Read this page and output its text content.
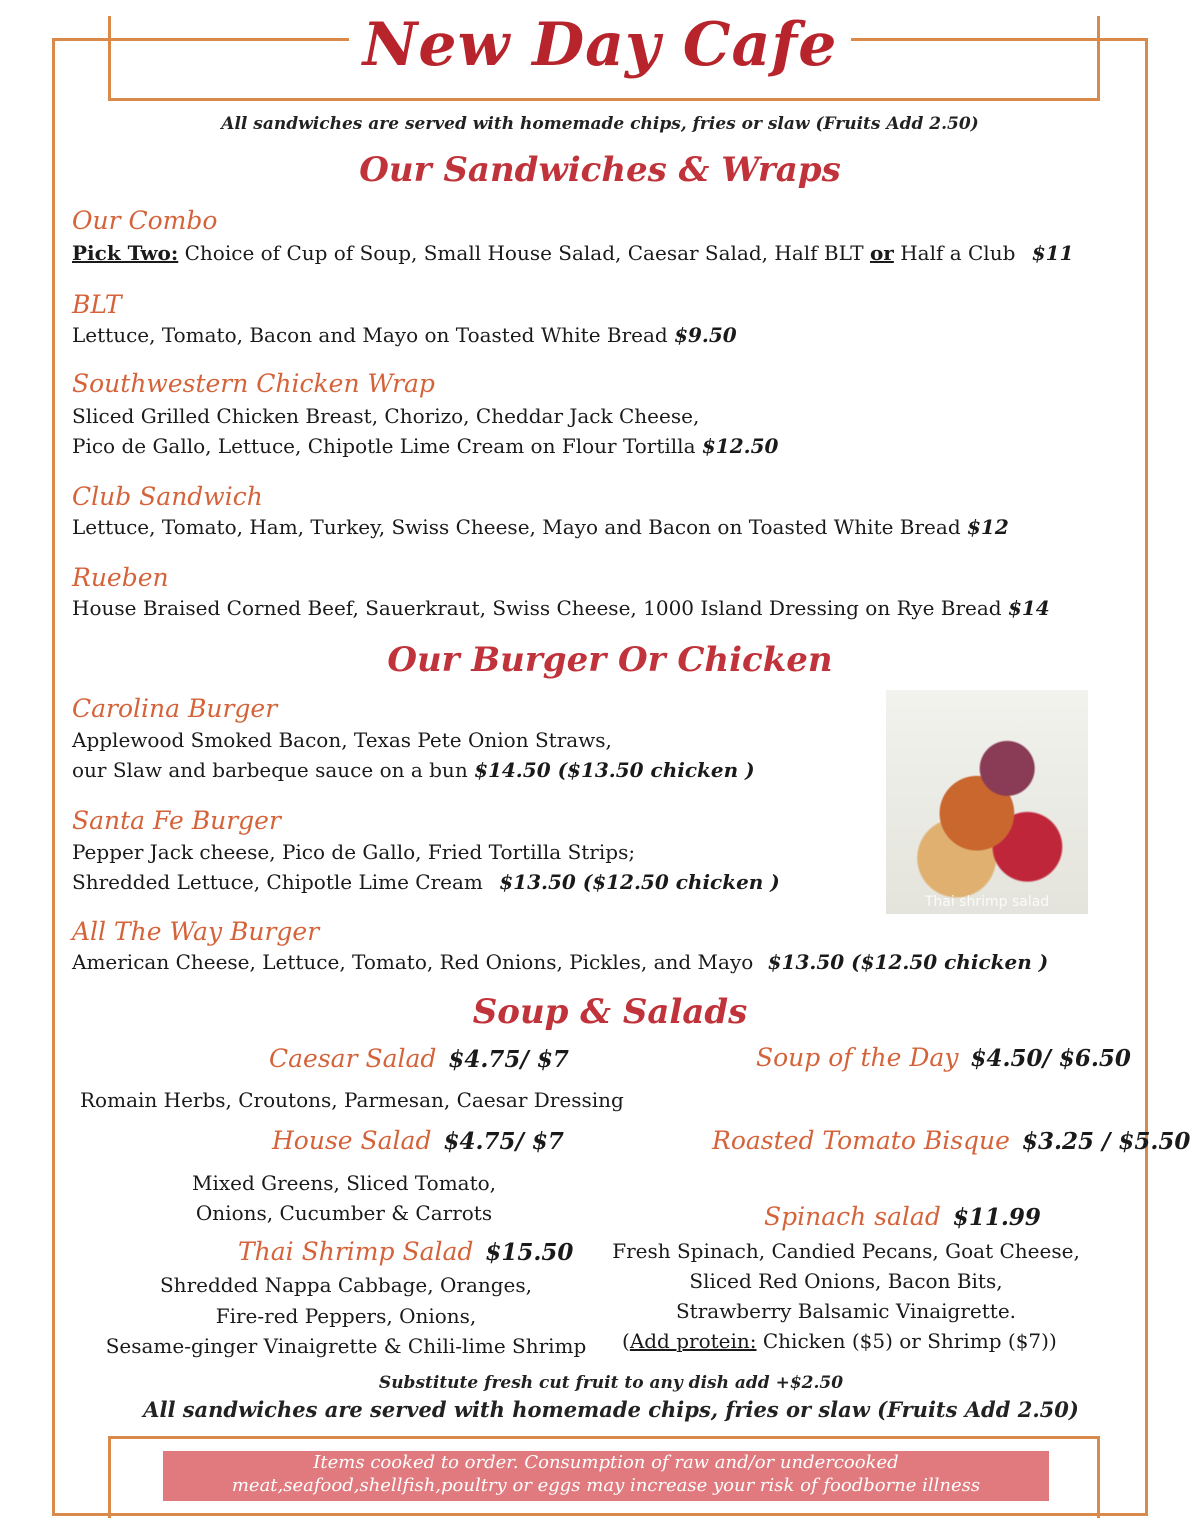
New Day Cafe
All sandwiches are served with homemade chips, fries or slaw (Fruits Add 2.50)
Our Sandwiches & Wraps
Our Combo
Pick Two: Choice of Cup of Soup, Small House Salad, Caesar Salad, Half BLT or Half a Club $11
BLT
Lettuce, Tomato, Bacon and Mayo on Toasted White Bread $9.50
Southwestern Chicken Wrap
Sliced Grilled Chicken Breast, Chorizo, Cheddar Jack Cheese,
Pico de Gallo, Lettuce, Chipotle Lime Cream on Flour Tortilla $12.50
Club Sandwich
Lettuce, Tomato, Ham, Turkey, Swiss Cheese, Mayo and Bacon on Toasted White Bread $12
Rueben
House Braised Corned Beef, Sauerkraut, Swiss Cheese, 1000 Island Dressing on Rye Bread $14
Our Burger Or Chicken
Carolina Burger
Applewood Smoked Bacon, Texas Pete Onion Straws,
our Slaw and barbeque sauce on a bun $14.50 ($13.50 chicken )
Santa Fe Burger
Pepper Jack cheese, Pico de Gallo, Fried Tortilla Strips;
Shredded Lettuce, Chipotle Lime Cream $13.50 ($12.50 chicken )
Thai shrimp salad
All The Way Burger
American Cheese, Lettuce, Tomato, Red Onions, Pickles, and Mayo $13.50 ($12.50 chicken )
Soup & Salads
Caesar Salad $4.75/ $7
Romain Herbs, Croutons, Parmesan, Caesar Dressing
House Salad $4.75/ $7
Mixed Greens, Sliced Tomato,
Onions, Cucumber & Carrots
Thai Shrimp Salad $15.50
Shredded Nappa Cabbage, Oranges,
Fire-red Peppers, Onions,
Sesame-ginger Vinaigrette & Chili-lime Shrimp
Soup of the Day $4.50/ $6.50
Roasted Tomato Bisque $3.25 / $5.50
Spinach salad $11.99
Fresh Spinach, Candied Pecans, Goat Cheese,
Sliced Red Onions, Bacon Bits,
Strawberry Balsamic Vinaigrette.
(Add protein: Chicken ($5) or Shrimp ($7))
Substitute fresh cut fruit to any dish add +$2.50
All sandwiches are served with homemade chips, fries or slaw (Fruits Add 2.50)
Items cooked to order. Consumption of raw and/or undercooked
meat,seafood,shellfish,poultry or eggs may increase your risk of foodborne illness
